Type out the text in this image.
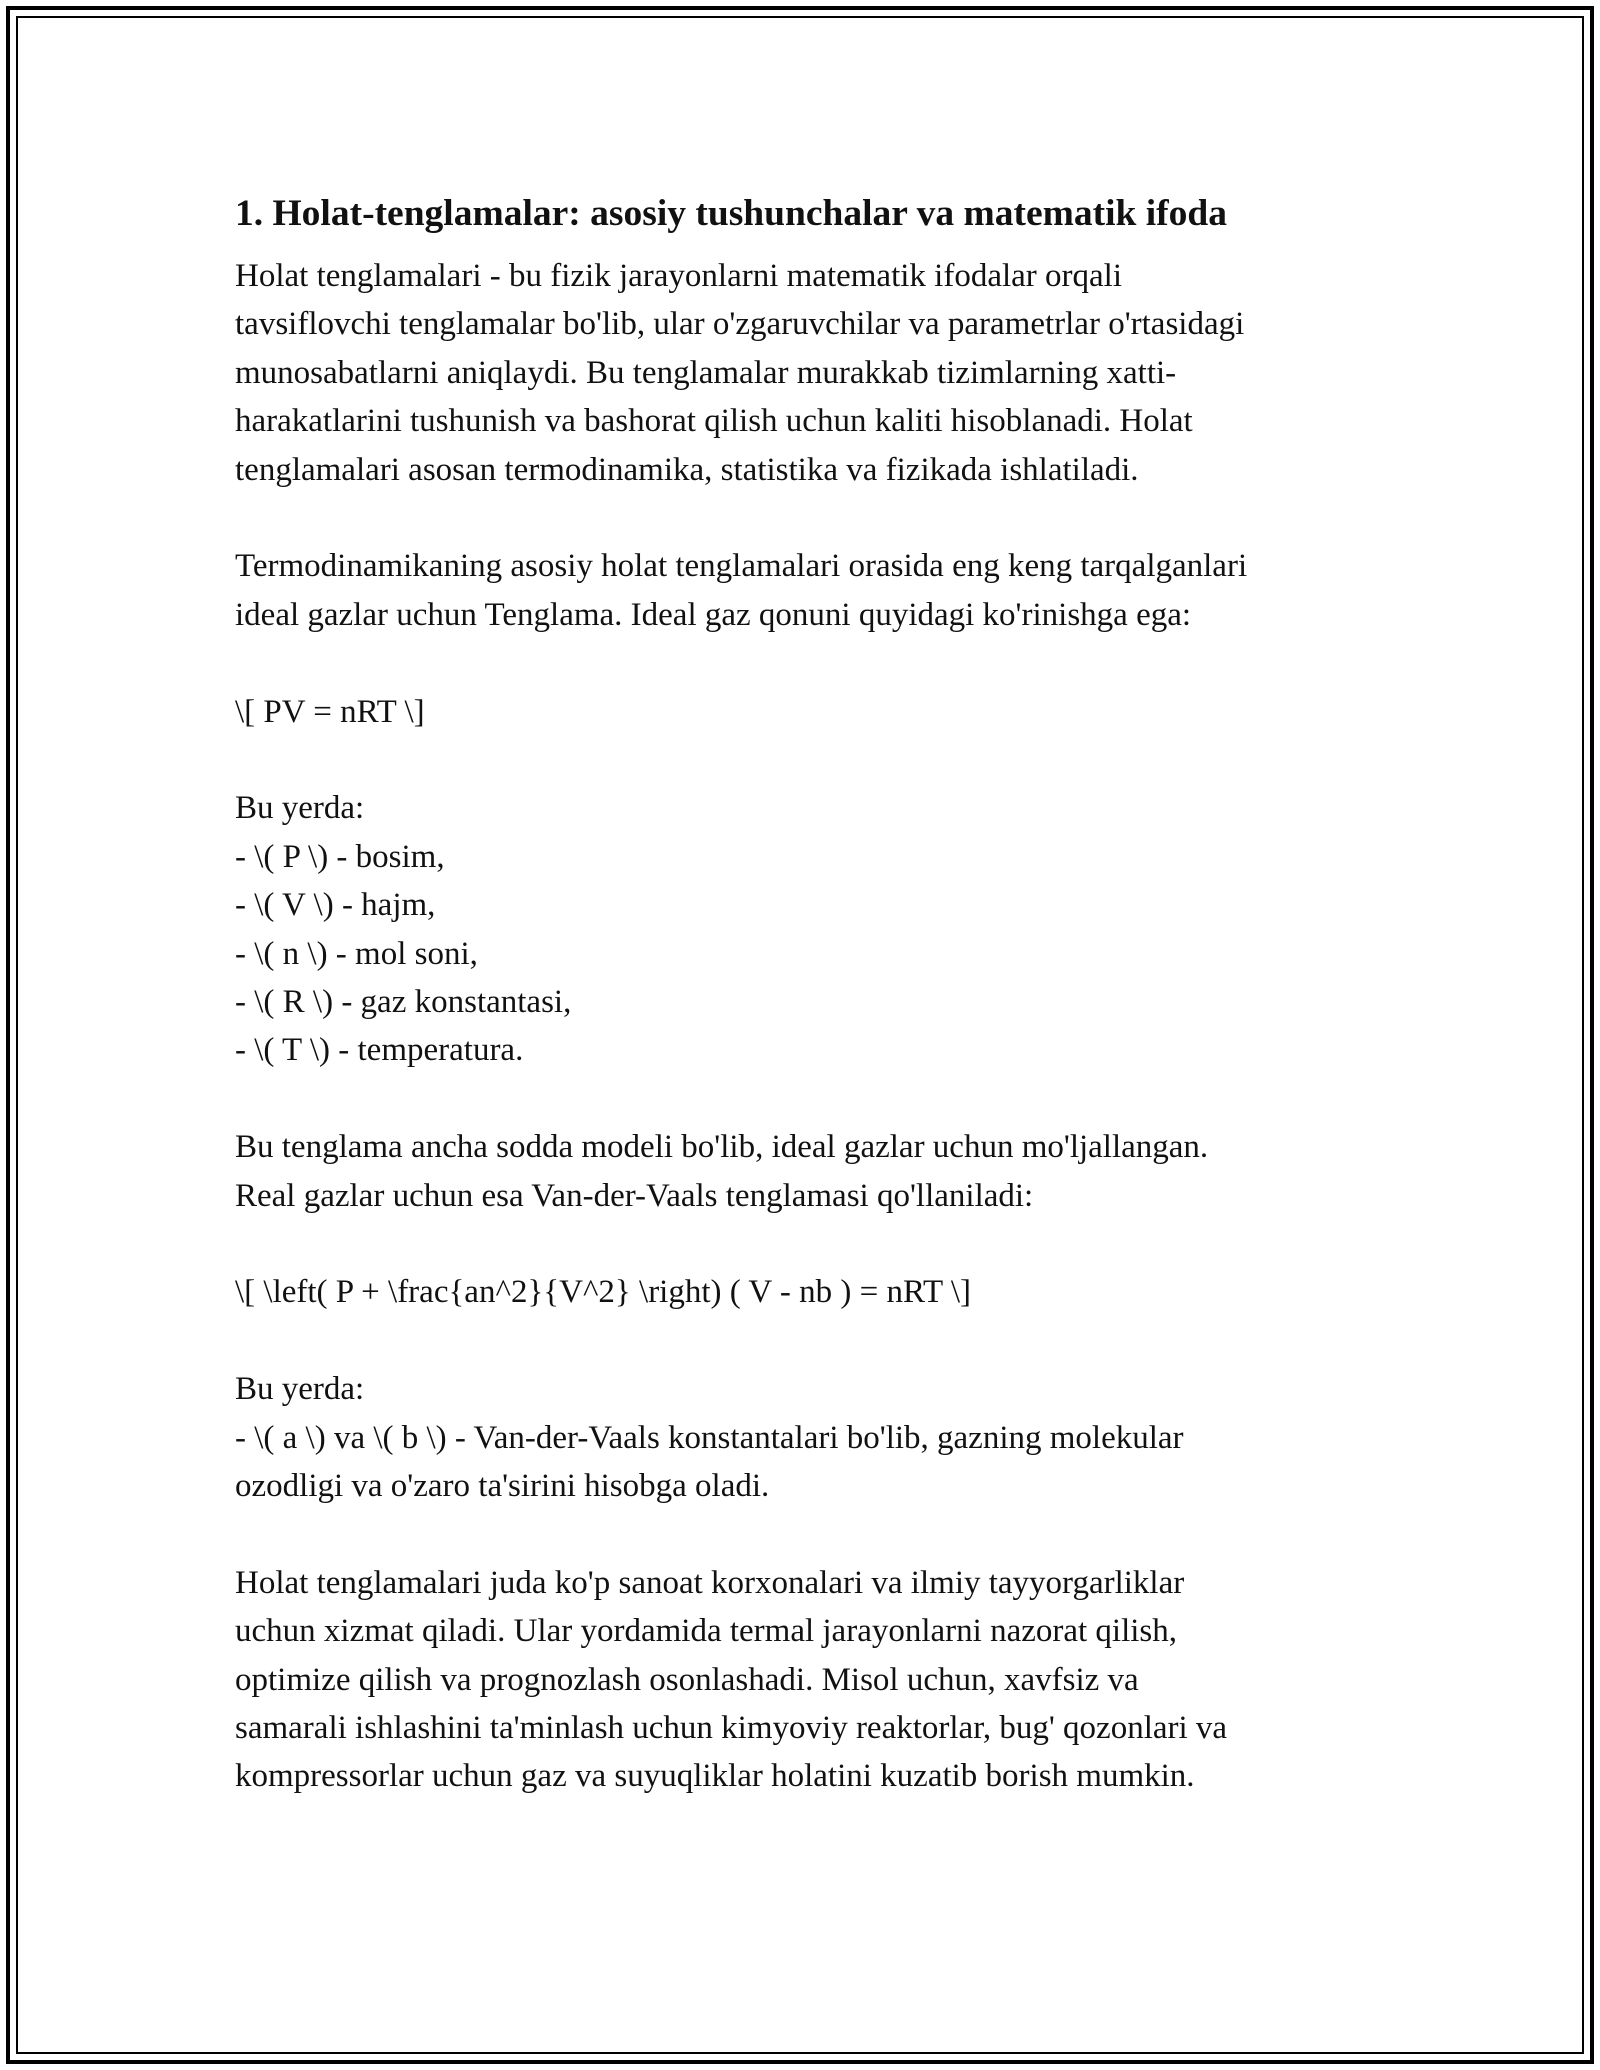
1. Holat-tenglamalar: asosiy tushunchalar va matematik ifoda
Holat tenglamalari - bu fizik jarayonlarni matematik ifodalar orqali
tavsiflovchi tenglamalar bo'lib, ular o'zgaruvchilar va parametrlar o'rtasidagi
munosabatlarni aniqlaydi. Bu tenglamalar murakkab tizimlarning xatti-
harakatlarini tushunish va bashorat qilish uchun kaliti hisoblanadi. Holat
tenglamalari asosan termodinamika, statistika va fizikada ishlatiladi.
Termodinamikaning asosiy holat tenglamalari orasida eng keng tarqalganlari
ideal gazlar uchun Tenglama. Ideal gaz qonuni quyidagi ko'rinishga ega:
\[ PV = nRT \]
Bu yerda:
- \( P \) - bosim,
- \( V \) - hajm,
- \( n \) - mol soni,
- \( R \) - gaz konstantasi,
- \( T \) - temperatura.
Bu tenglama ancha sodda modeli bo'lib, ideal gazlar uchun mo'ljallangan.
Real gazlar uchun esa Van-der-Vaals tenglamasi qo'llaniladi:
\[ \left( P + \frac{an^2}{V^2} \right) ( V - nb ) = nRT \]
Bu yerda:
- \( a \) va \( b \) - Van-der-Vaals konstantalari bo'lib, gazning molekular
ozodligi va o'zaro ta'sirini hisobga oladi.
Holat tenglamalari juda ko'p sanoat korxonalari va ilmiy tayyorgarliklar
uchun xizmat qiladi. Ular yordamida termal jarayonlarni nazorat qilish,
optimize qilish va prognozlash osonlashadi. Misol uchun, xavfsiz va
samarali ishlashini ta'minlash uchun kimyoviy reaktorlar, bug' qozonlari va
kompressorlar uchun gaz va suyuqliklar holatini kuzatib borish mumkin.
